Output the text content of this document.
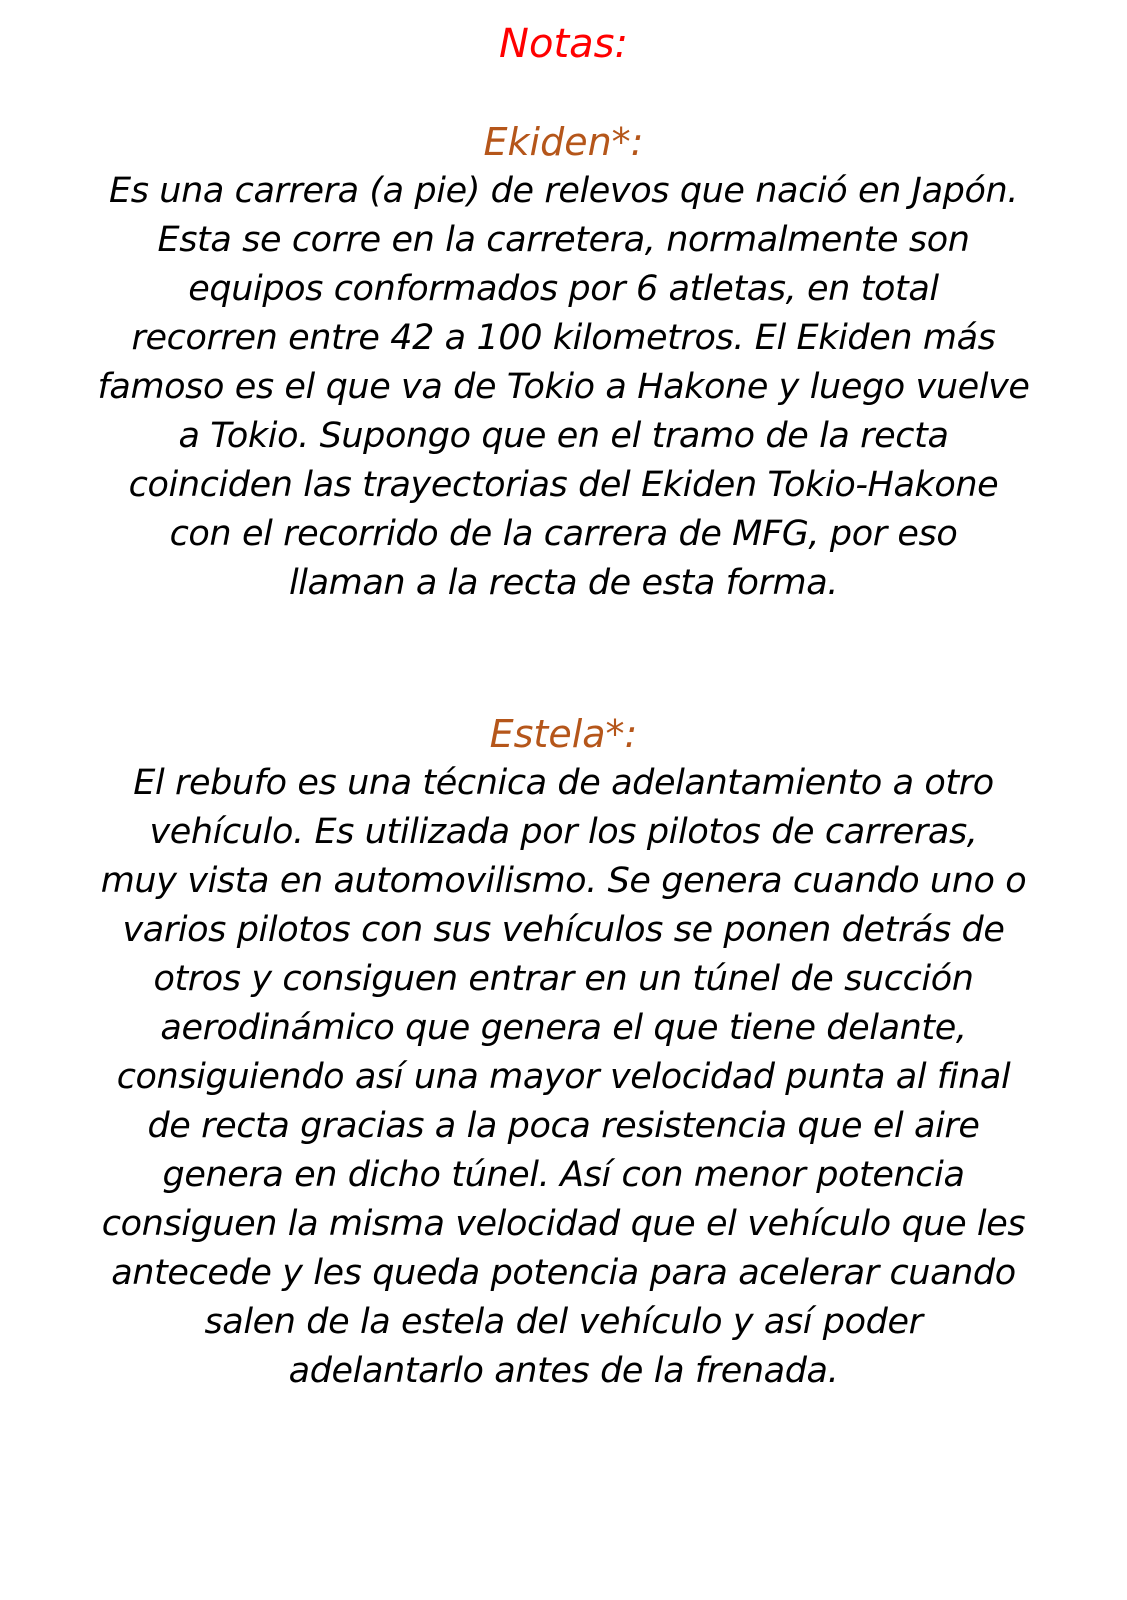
Notas:
Ekiden*:
Es una carrera (a pie) de relevos que nació en Japón.
Esta se corre en la carretera, normalmente son
equipos conformados por 6 atletas, en total
recorren entre 42 a 100 kilometros. El Ekiden más
famoso es el que va de Tokio a Hakone y luego vuelve
a Tokio. Supongo que en el tramo de la recta
coinciden las trayectorias del Ekiden Tokio-Hakone
con el recorrido de la carrera de MFG, por eso
llaman a la recta de esta forma.
Estela*:
El rebufo es una técnica de adelantamiento a otro
vehículo. Es utilizada por los pilotos de carreras,
muy vista en automovilismo. Se genera cuando uno o
varios pilotos con sus vehículos se ponen detrás de
otros y consiguen entrar en un túnel de succión
aerodinámico que genera el que tiene delante,
consiguiendo así una mayor velocidad punta al final
de recta gracias a la poca resistencia que el aire
genera en dicho túnel. Así con menor potencia
consiguen la misma velocidad que el vehículo que les
antecede y les queda potencia para acelerar cuando
salen de la estela del vehículo y así poder
adelantarlo antes de la frenada.
